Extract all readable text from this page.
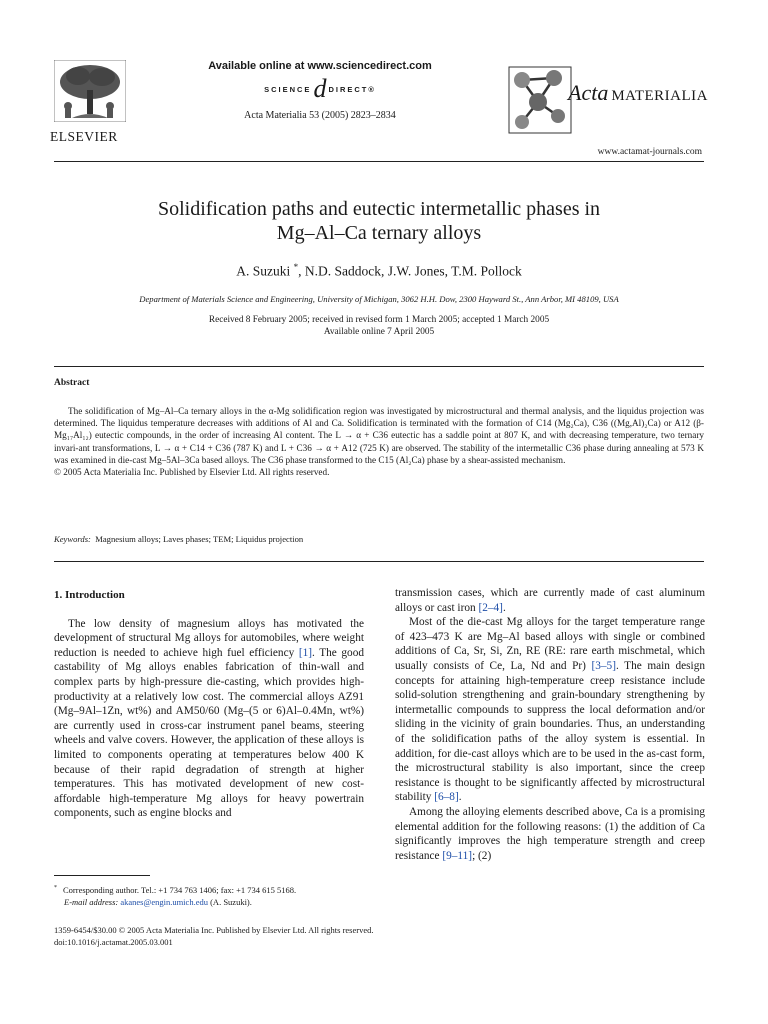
ELSEVIER
Available online at www.sciencedirect.com
SCIENCE d DIRECT®
Acta Materialia 53 (2005) 2823–2834
Acta MATERIALIA
www.actamat-journals.com
Solidification paths and eutectic intermetallic phases in
Mg–Al–Ca ternary alloys
A. Suzuki *, N.D. Saddock, J.W. Jones, T.M. Pollock
Department of Materials Science and Engineering, University of Michigan, 3062 H.H. Dow, 2300 Hayward St., Ann Arbor, MI 48109, USA
Received 8 February 2005; received in revised form 1 March 2005; accepted 1 March 2005
Available online 7 April 2005
Abstract

The solidification of Mg–Al–Ca ternary alloys in the α-Mg solidification region was investigated by microstructural and thermal analysis, and the liquidus projection was determined. The liquidus temperature decreases with additions of Al and Ca. Solidification is terminated with the formation of C14 (Mg₂Ca), C36 ((Mg,Al)₂Ca) or A12 (β-Mg₁₇Al₁₂) eutectic compounds, in the order of increasing Al content. The L → α + C36 eutectic has a saddle point at 807 K, and with decreasing temperature, two ternary invari-ant transformations, L → α + C14 + C36 (787 K) and L + C36 → α + A12 (725 K) are observed. The stability of the intermetallic C36 phase during annealing at 573 K was examined in die-cast Mg–5Al–3Ca based alloys. The C36 phase transformed to the C15 (Al₂Ca) phase by a shear-assisted mechanism.

© 2005 Acta Materialia Inc. Published by Elsevier Ltd. All rights reserved.

Keywords: Magnesium alloys; Laves phases; TEM; Liquidus projection
1. Introduction

The low density of magnesium alloys has motivated the development of structural Mg alloys for automobiles, where weight reduction is needed to achieve high fuel efficiency [1]. The good castability of Mg alloys enables fabrication of thin-wall and complex parts by high-pressure die-casting, which provides high-productivity at a relatively low cost. The commercial alloys AZ91 (Mg–9Al–1Zn, wt%) and AM50/60 (Mg–(5 or 6)Al–0.4Mn, wt%) are currently used in cross-car instrument panel beams, steering wheels and valve covers. However, the application of these alloys is limited to components operating at temperatures below 400 K because of their rapid degradation of strength at higher temperatures. This has motivated development of new cost-affordable high-temperature Mg alloys for heavy powertrain components, such as engine blocks and

transmission cases, which are currently made of cast aluminum alloys or cast iron [2–4].

Most of the die-cast Mg alloys for the target temperature range of 423–473 K are Mg–Al based alloys with single or combined additions of Ca, Sr, Si, Zn, RE (RE: rare earth mischmetal, which usually consists of Ce, La, Nd and Pr) [3–5]. The main design concepts for attaining high-temperature creep resistance include solid-solution strengthening and grain-boundary strengthening by intermetallic compounds to suppress the local deformation and/or sliding in the vicinity of grain boundaries. Thus, an understanding of the solidification paths of the alloy system is essential. In addition, for die-cast alloys which are to be used in the as-cast form, the microstructural stability is also important, since the creep resistance is thought to be significantly affected by microstructural stability [6–8].

Among the alloying elements described above, Ca is a promising elemental addition for the following reasons: (1) the addition of Ca significantly improves the high temperature strength and creep resistance [9–11]; (2)

* Corresponding author. Tel.: +1 734 763 1406; fax: +1 734 615 5168.
E-mail address: akanes@engin.umich.edu (A. Suzuki).
1359-6454/$30.00 © 2005 Acta Materialia Inc. Published by Elsevier Ltd. All rights reserved.
doi:10.1016/j.actamat.2005.03.001
